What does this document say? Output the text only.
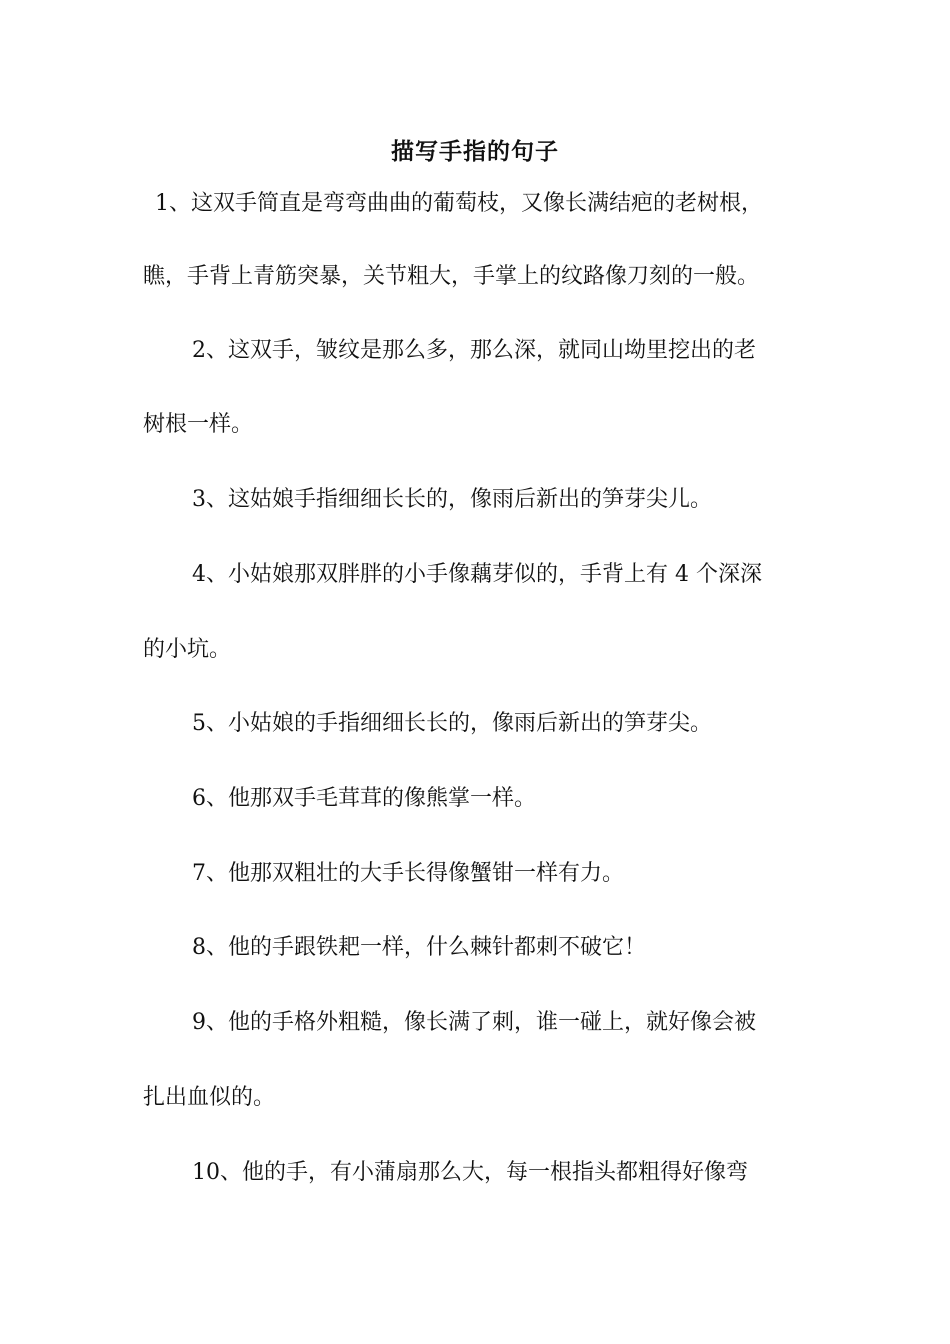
描写手指的句子
1、这双手简直是弯弯曲曲的葡萄枝，又像长满结疤的老树根，
瞧，手背上青筋突暴，关节粗大，手掌上的纹路像刀刻的一般。
2、这双手，皱纹是那么多，那么深，就同山坳里挖出的老
树根一样。
3、这姑娘手指细细长长的，像雨后新出的笋芽尖儿。
4、小姑娘那双胖胖的小手像藕芽似的，手背上有 4 个深深
的小坑。
5、小姑娘的手指细细长长的，像雨后新出的笋芽尖。
6、他那双手毛茸茸的像熊掌一样。
7、他那双粗壮的大手长得像蟹钳一样有力。
8、他的手跟铁耙一样，什么棘针都刺不破它！
9、他的手格外粗糙，像长满了刺，谁一碰上，就好像会被
扎出血似的。
10、他的手，有小蒲扇那么大，每一根指头都粗得好像弯
